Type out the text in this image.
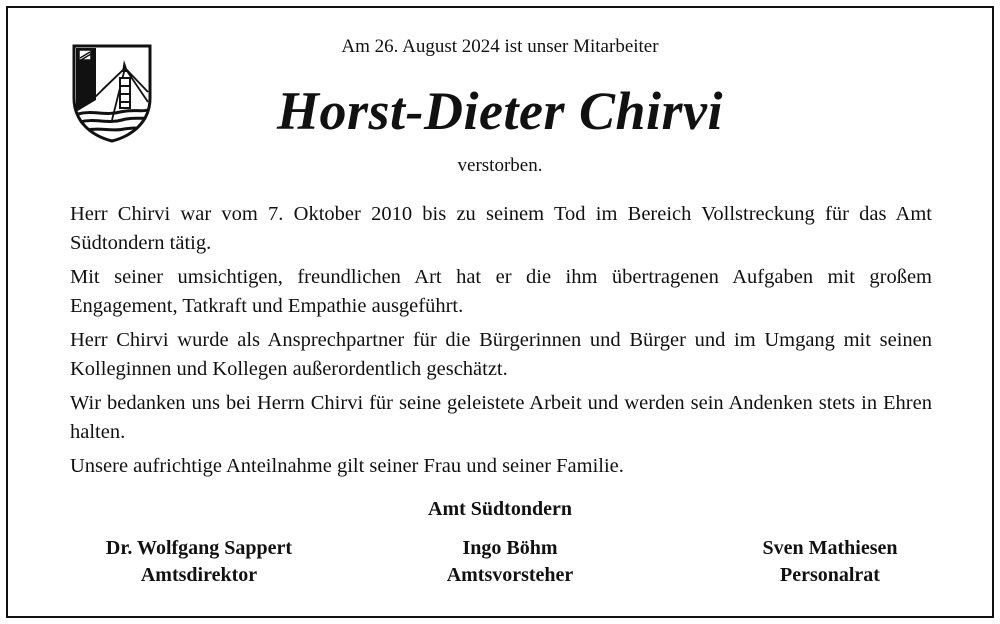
Am 26. August 2024 ist unser Mitarbeiter
Horst-Dieter Chirvi
verstorben.

Herr Chirvi war vom 7. Oktober 2010 bis zu seinem Tod im Bereich Vollstreckung für das Amt Südtondern tätig.

Mit seiner umsichtigen, freundlichen Art hat er die ihm übertragenen Aufgaben mit großem Engagement, Tatkraft und Empathie ausgeführt.

Herr Chirvi wurde als Ansprechpartner für die Bürgerinnen und Bürger und im Umgang mit seinen Kolleginnen und Kollegen außerordentlich geschätzt.

Wir bedanken uns bei Herrn Chirvi für seine geleistete Arbeit und werden sein Andenken stets in Ehren halten.

Unsere aufrichtige Anteilnahme gilt seiner Frau und seiner Familie.

Amt Südtondern
Dr. Wolfgang Sappert
Amtsdirektor
Ingo Böhm
Amtsvorsteher
Sven Mathiesen
Personalrat
